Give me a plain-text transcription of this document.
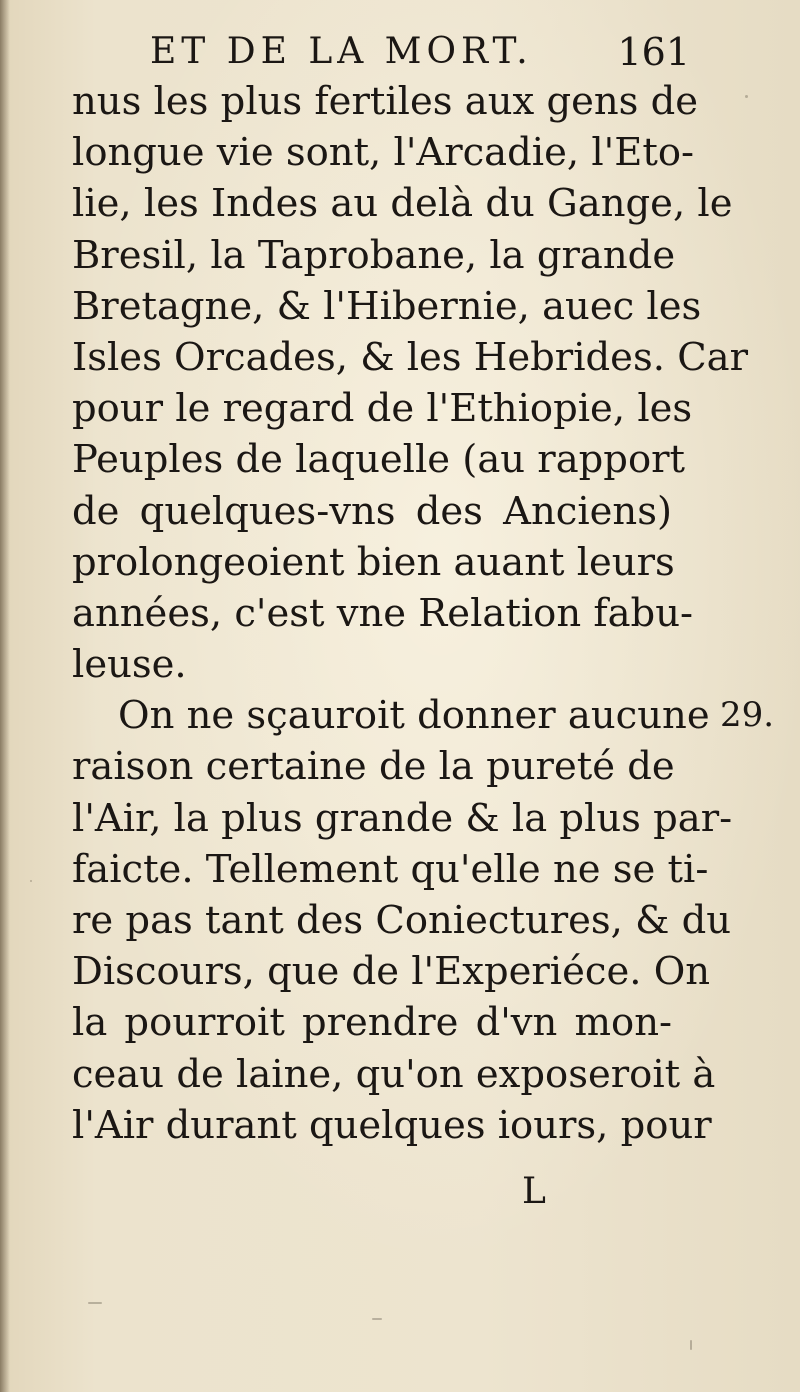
ET DE LA MORT. 161
nus les plus fertiles aux gens de
longue vie sont, l'Arcadie, l'Eto-
lie, les Indes au delà du Gange, le
Bresil, la Taprobane, la grande
Bretagne, & l'Hibernie, auec les
Isles Orcades, & les Hebrides. Car
pour le regard de l'Ethiopie, les
Peuples de laquelle (au rapport
de quelques-vns des Anciens)
prolongeoient bien auant leurs
années, c'est vne Relation fabu-
leuse.
On ne sçauroit donner aucune
raison certaine de la pureté de
l'Air, la plus grande & la plus par-
faicte. Tellement qu'elle ne se ti-
re pas tant des Coniectures, & du
Discours, que de l'Experiéce. On
la pourroit prendre d'vn mon-
ceau de laine, qu'on exposeroit à
l'Air durant quelques iours, pour
29.
L
